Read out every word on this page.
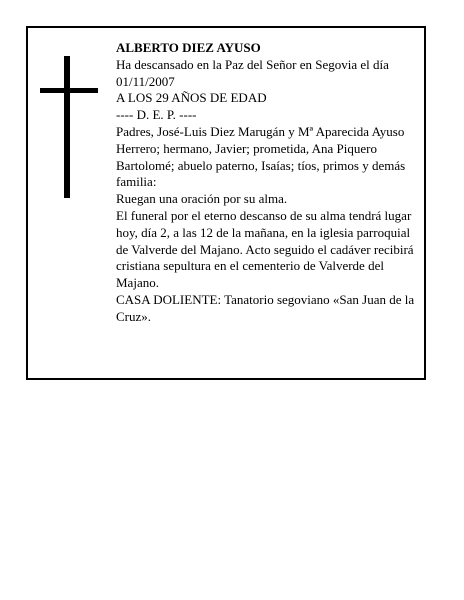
ALBERTO DIEZ AYUSO

Ha descansado en la Paz del Señor en Segovia el día 01/11/2007

A LOS 29 AÑOS DE EDAD

---- D. E. P. ----

Padres, José-Luis Diez Marugán y Mª Aparecida Ayuso Herrero; hermano, Javier; prometida, Ana Piquero Bartolomé; abuelo paterno, Isaías; tíos, primos y demás familia:

Ruegan una oración por su alma.

El funeral por el eterno descanso de su alma tendrá lugar hoy, día 2, a las 12 de la mañana, en la iglesia parroquial de Valverde del Majano. Acto seguido el cadáver recibirá cristiana sepultura en el cementerio de Valverde del Majano.

CASA DOLIENTE: Tanatorio segoviano «San Juan de la Cruz».
